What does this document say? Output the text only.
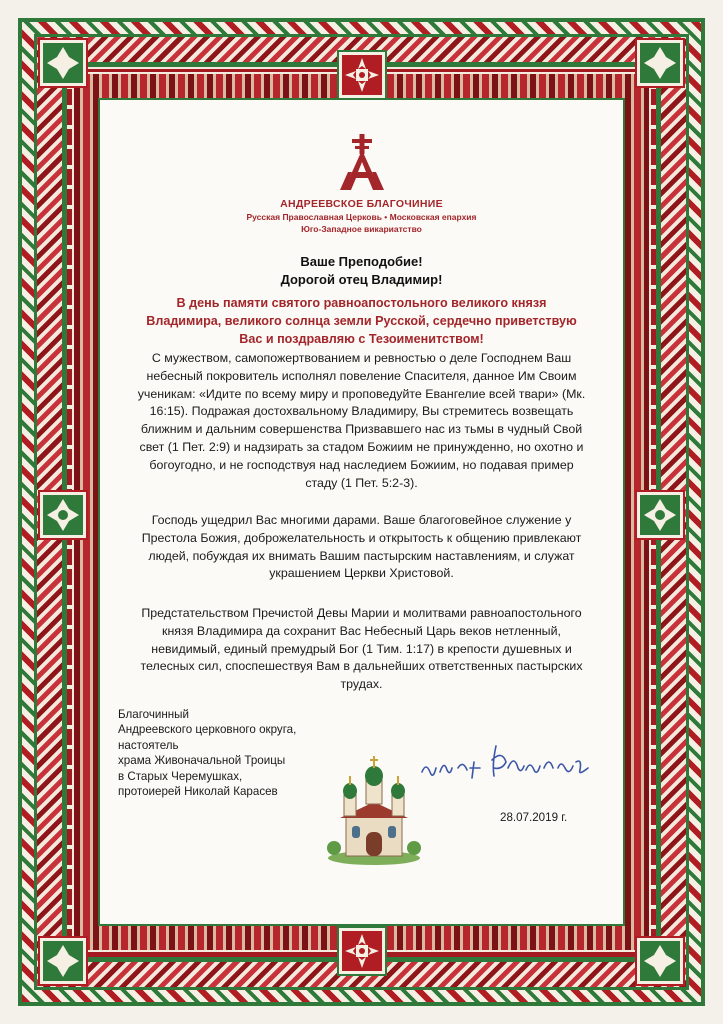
АНДРЕЕВСКОЕ БЛАГОЧИНИЕ
Русская Православная Церковь • Московская епархия
Юго-Западное викариатство
Ваше Преподобие!
Дорогой отец Владимир!
В день памяти святого равноапостольного великого князя Владимира, великого солнца земли Русской, сердечно приветствую Вас и поздравляю с Тезоименитством!
С мужеством, самопожертвованием и ревностью о деле Господнем Ваш небесный покровитель исполнял повеление Спасителя, данное Им Своим ученикам: «Идите по всему миру и проповедуйте Евангелие всей твари» (Мк. 16:15). Подражая достохвальному Владимиру, Вы стремитесь возвещать ближним и дальним совершенства Призвавшего нас из тьмы в чудный Свой свет (1 Пет. 2:9) и надзирать за стадом Божиим не принужденно, но охотно и богоугодно, и не господствуя над наследием Божиим, но подавая пример стаду (1 Пет. 5:2-3).
Господь ущедрил Вас многими дарами. Ваше благоговейное служение у Престола Божия, доброжелательность и открытость к общению привлекают людей, побуждая их внимать Вашим пастырским наставлениям, и служат украшением Церкви Христовой.
Предстательством Пречистой Девы Марии и молитвами равноапостольного князя Владимира да сохранит Вас Небесный Царь веков нетленный, невидимый, единый премудрый Бог (1 Тим. 1:17) в крепости душевных и телесных сил, споспешествуя Вам в дальнейших ответственных пастырских трудах.
Благочинный
Андреевского церковного округа,
настоятель
храма Живоначальной Троицы
в Старых Черемушках,
протоиерей Николай Карасев
28.07.2019 г.
